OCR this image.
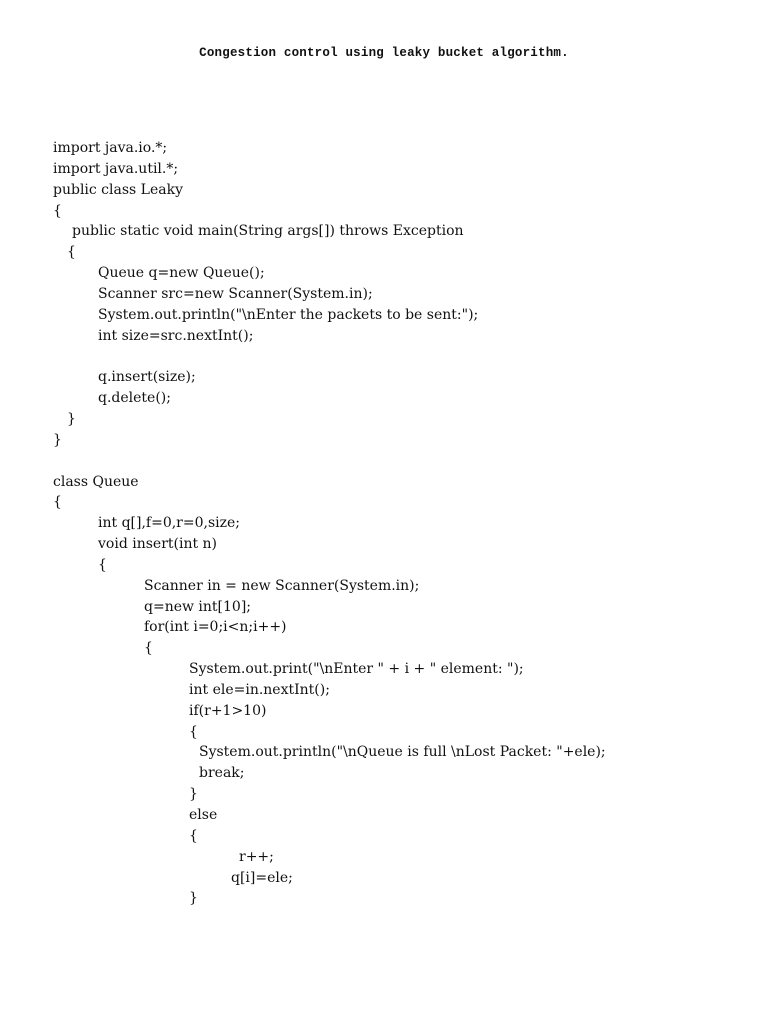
Congestion control using leaky bucket algorithm.
import java.io.*;
import java.util.*;
public class Leaky
{
public static void main(String args[]) throws Exception
{
Queue q=new Queue();
Scanner src=new Scanner(System.in);
System.out.println("\nEnter the packets to be sent:");
int size=src.nextInt();
q.insert(size);
q.delete();
}
}
class Queue
{
int q[],f=0,r=0,size;
void insert(int n)
{
Scanner in = new Scanner(System.in);
q=new int[10];
for(int i=0;i<n;i++)
{
System.out.print("\nEnter " + i + " element: ");
int ele=in.nextInt();
if(r+1>10)
{
System.out.println("\nQueue is full \nLost Packet: "+ele);
break;
}
else
{
r++;
q[i]=ele;
}
